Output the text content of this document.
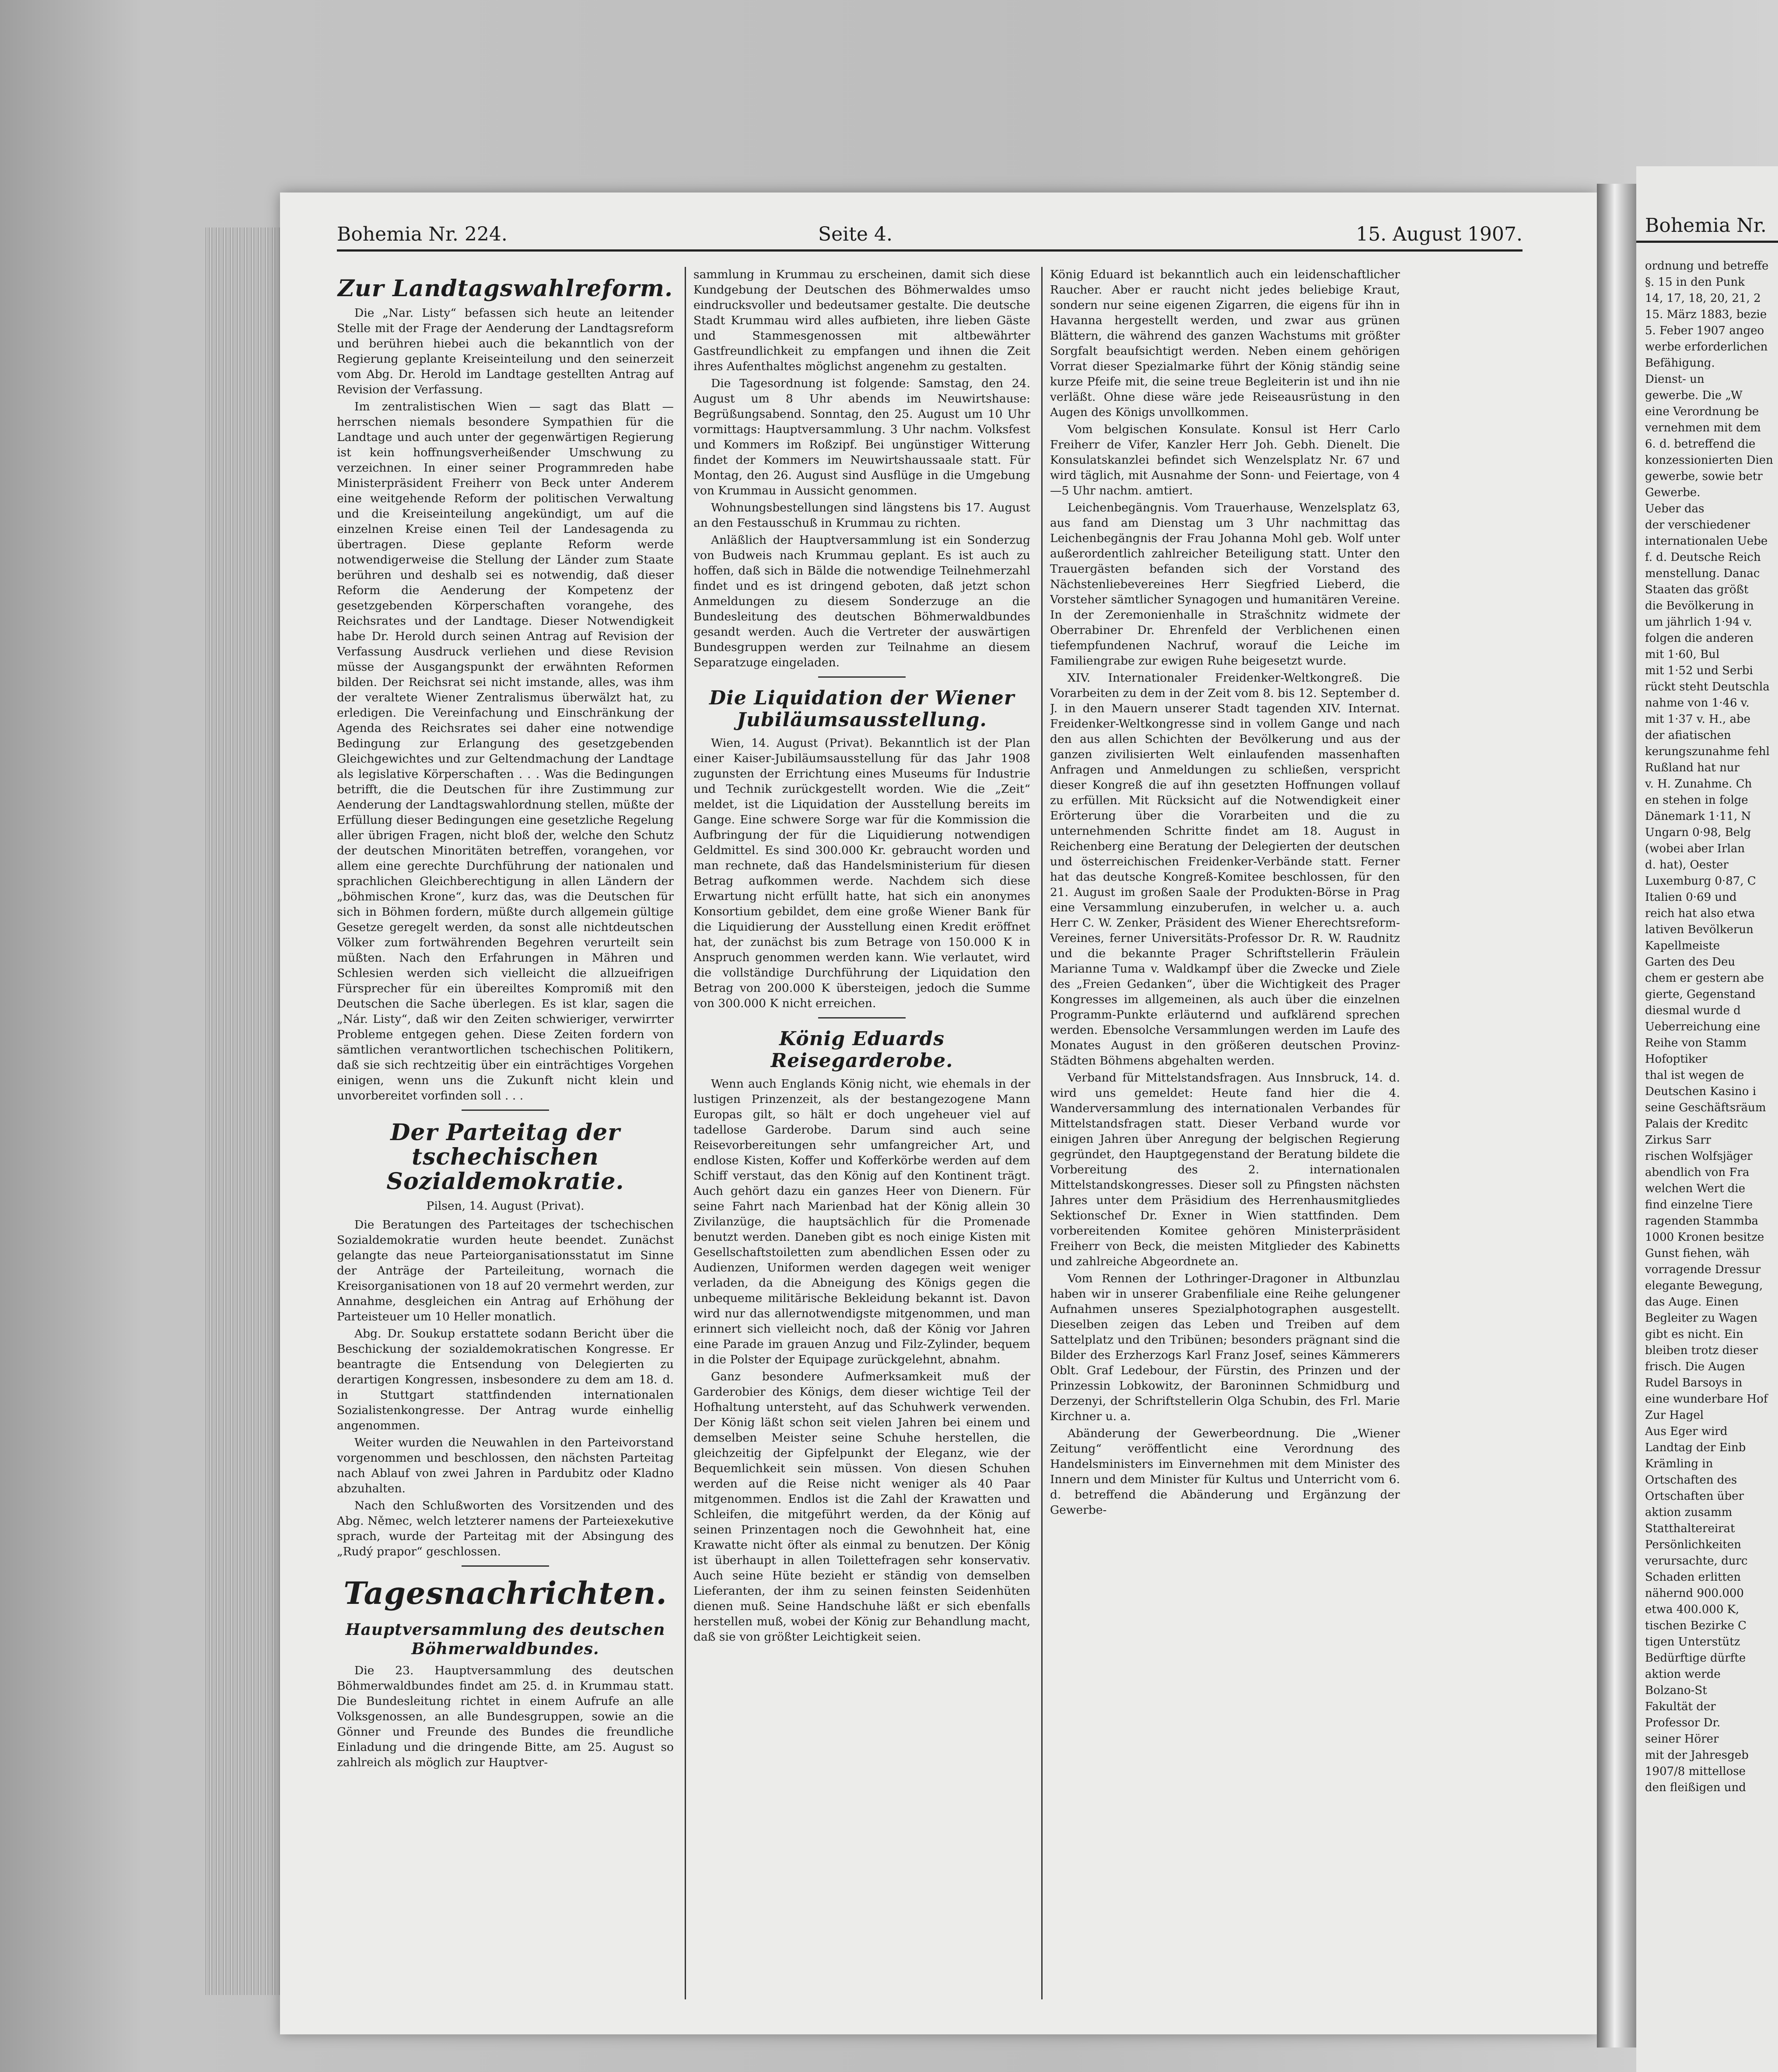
Bohemia Nr. 224.	Seite 4.	15. August 1907.
Zur Landtagswahlreform.

Die „Nar. Listy“ befassen sich heute an leitender Stelle mit der Frage der Aenderung der Landtagsreform und berühren hiebei auch die bekanntlich von der Regierung geplante Kreiseinteilung und den seinerzeit vom Abg. Dr. Herold im Landtage gestellten Antrag auf Revision der Verfassung.

Im zentralistischen Wien — sagt das Blatt — herrschen niemals besondere Sympathien für die Landtage und auch unter der gegenwärtigen Regierung ist kein hoffnungsverheißender Umschwung zu verzeichnen. In einer seiner Programmreden habe Ministerpräsident Freiherr von Beck unter Anderem eine weitgehende Reform der politischen Verwaltung und die Kreiseinteilung angekündigt, um auf die einzelnen Kreise einen Teil der Landesagenda zu übertragen. Diese geplante Reform werde notwendigerweise die Stellung der Länder zum Staate berühren und deshalb sei es notwendig, daß dieser Reform die Aenderung der Kompetenz der gesetzgebenden Körperschaften vorangehe, des Reichsrates und der Landtage. Dieser Notwendigkeit habe Dr. Herold durch seinen Antrag auf Revision der Verfassung Ausdruck verliehen und diese Revision müsse der Ausgangspunkt der erwähnten Reformen bilden. Der Reichsrat sei nicht imstande, alles, was ihm der veraltete Wiener Zentralismus überwälzt hat, zu erledigen. Die Vereinfachung und Einschränkung der Agenda des Reichsrates sei daher eine notwendige Bedingung zur Erlangung des gesetzgebenden Gleichgewichtes und zur Geltendmachung der Landtage als legislative Körperschaften . . . Was die Bedingungen betrifft, die die Deutschen für ihre Zustimmung zur Aenderung der Landtagswahlordnung stellen, müßte der Erfüllung dieser Bedingungen eine gesetzliche Regelung aller übrigen Fragen, nicht bloß der, welche den Schutz der deutschen Minoritäten betreffen, vorangehen, vor allem eine gerechte Durchführung der nationalen und sprachlichen Gleichberechtigung in allen Ländern der „böhmischen Krone“, kurz das, was die Deutschen für sich in Böhmen fordern, müßte durch allgemein gültige Gesetze geregelt werden, da sonst alle nichtdeutschen Völker zum fortwährenden Begehren verurteilt sein müßten. Nach den Erfahrungen in Mähren und Schlesien werden sich vielleicht die allzueifrigen Fürsprecher für ein übereiltes Kompromiß mit den Deutschen die Sache überlegen. Es ist klar, sagen die „Nár. Listy“, daß wir den Zeiten schwieriger, verwirrter Probleme entgegen gehen. Diese Zeiten fordern von sämtlichen verantwortlichen tschechischen Politikern, daß sie sich rechtzeitig über ein einträchtiges Vorgehen einigen, wenn uns die Zukunft nicht klein und unvorbereitet vorfinden soll . . .

Der Parteitag der tschechischen Sozialdemokratie.
Pilsen, 14. August (Privat).

Die Beratungen des Parteitages der tschechischen Sozialdemokratie wurden heute beendet. Zunächst gelangte das neue Parteiorganisationsstatut im Sinne der Anträge der Parteileitung, wornach die Kreisorganisationen von 18 auf 20 vermehrt werden, zur Annahme, desgleichen ein Antrag auf Erhöhung der Parteisteuer um 10 Heller monatlich.

Abg. Dr. Soukup erstattete sodann Bericht über die Beschickung der sozialdemokratischen Kongresse. Er beantragte die Entsendung von Delegierten zu derartigen Kongressen, insbesondere zu dem am 18. d. in Stuttgart stattfindenden internationalen Sozialistenkongresse. Der Antrag wurde einhellig angenommen.

Weiter wurden die Neuwahlen in den Parteivorstand vorgenommen und beschlossen, den nächsten Parteitag nach Ablauf von zwei Jahren in Pardubitz oder Kladno abzuhalten.

Nach den Schlußworten des Vorsitzenden und des Abg. Němec, welch letzterer namens der Parteiexekutive sprach, wurde der Parteitag mit der Absingung des „Rudý prapor“ geschlossen.

Tagesnachrichten.
Hauptversammlung des deutschen Böhmerwaldbundes.

Die 23. Hauptversammlung des deutschen Böhmerwaldbundes findet am 25. d. in Krummau statt. Die Bundesleitung richtet in einem Aufrufe an alle Volksgenossen, an alle Bundesgruppen, sowie an die Gönner und Freunde des Bundes die freundliche Einladung und die dringende Bitte, am 25. August so zahlreich als möglich zur Hauptver-

sammlung in Krummau zu erscheinen, damit sich diese Kundgebung der Deutschen des Böhmerwaldes umso eindrucksvoller und bedeutsamer gestalte. Die deutsche Stadt Krummau wird alles aufbieten, ihre lieben Gäste und Stammesgenossen mit altbewährter Gastfreundlichkeit zu empfangen und ihnen die Zeit ihres Aufenthaltes möglichst angenehm zu gestalten.

Die Tagesordnung ist folgende: Samstag, den 24. August um 8 Uhr abends im Neuwirtshause: Begrüßungsabend. Sonntag, den 25. August um 10 Uhr vormittags: Hauptversammlung. 3 Uhr nachm. Volksfest und Kommers im Roßzipf. Bei ungünstiger Witterung findet der Kommers im Neuwirtshaussaale statt. Für Montag, den 26. August sind Ausflüge in die Umgebung von Krummau in Aussicht genommen.

Wohnungsbestellungen sind längstens bis 17. August an den Festausschuß in Krummau zu richten.

Anläßlich der Hauptversammlung ist ein Sonderzug von Budweis nach Krummau geplant. Es ist auch zu hoffen, daß sich in Bälde die notwendige Teilnehmerzahl findet und es ist dringend geboten, daß jetzt schon Anmeldungen zu diesem Sonderzuge an die Bundesleitung des deutschen Böhmerwaldbundes gesandt werden. Auch die Vertreter der auswärtigen Bundesgruppen werden zur Teilnahme an diesem Separatzuge eingeladen.

Die Liquidation der Wiener Jubiläumsausstellung.

Wien, 14. August (Privat). Bekanntlich ist der Plan einer Kaiser-Jubiläumsausstellung für das Jahr 1908 zugunsten der Errichtung eines Museums für Industrie und Technik zurückgestellt worden. Wie die „Zeit“ meldet, ist die Liquidation der Ausstellung bereits im Gange. Eine schwere Sorge war für die Kommission die Aufbringung der für die Liquidierung notwendigen Geldmittel. Es sind 300.000 Kr. gebraucht worden und man rechnete, daß das Handelsministerium für diesen Betrag aufkommen werde. Nachdem sich diese Erwartung nicht erfüllt hatte, hat sich ein anonymes Konsortium gebildet, dem eine große Wiener Bank für die Liquidierung der Ausstellung einen Kredit eröffnet hat, der zunächst bis zum Betrage von 150.000 K in Anspruch genommen werden kann. Wie verlautet, wird die vollständige Durchführung der Liquidation den Betrag von 200.000 K übersteigen, jedoch die Summe von 300.000 K nicht erreichen.

König Eduards Reisegarderobe.

Wenn auch Englands König nicht, wie ehemals in der lustigen Prinzenzeit, als der bestangezogene Mann Europas gilt, so hält er doch ungeheuer viel auf tadellose Garderobe. Darum sind auch seine Reisevorbereitungen sehr umfangreicher Art, und endlose Kisten, Koffer und Kofferkörbe werden auf dem Schiff verstaut, das den König auf den Kontinent trägt. Auch gehört dazu ein ganzes Heer von Dienern. Für seine Fahrt nach Marienbad hat der König allein 30 Zivilanzüge, die hauptsächlich für die Promenade benutzt werden. Daneben gibt es noch einige Kisten mit Gesellschaftstoiletten zum abendlichen Essen oder zu Audienzen, Uniformen werden dagegen weit weniger verladen, da die Abneigung des Königs gegen die unbequeme militärische Bekleidung bekannt ist. Davon wird nur das allernotwendigste mitgenommen, und man erinnert sich vielleicht noch, daß der König vor Jahren eine Parade im grauen Anzug und Filz-Zylinder, bequem in die Polster der Equipage zurückgelehnt, abnahm.

Ganz besondere Aufmerksamkeit muß der Garderobier des Königs, dem dieser wichtige Teil der Hofhaltung untersteht, auf das Schuhwerk verwenden. Der König läßt schon seit vielen Jahren bei einem und demselben Meister seine Schuhe herstellen, die gleichzeitig der Gipfelpunkt der Eleganz, wie der Bequemlichkeit sein müssen. Von diesen Schuhen werden auf die Reise nicht weniger als 40 Paar mitgenommen. Endlos ist die Zahl der Krawatten und Schleifen, die mitgeführt werden, da der König auf seinen Prinzentagen noch die Gewohnheit hat, eine Krawatte nicht öfter als einmal zu benutzen. Der König ist überhaupt in allen Toilettefragen sehr konservativ. Auch seine Hüte bezieht er ständig von demselben Lieferanten, der ihm zu seinen feinsten Seidenhüten dienen muß. Seine Handschuhe läßt er sich ebenfalls herstellen muß, wobei der König zur Behandlung macht, daß sie von größter Leichtigkeit seien.

König Eduard ist bekanntlich auch ein leidenschaftlicher Raucher. Aber er raucht nicht jedes beliebige Kraut, sondern nur seine eigenen Zigarren, die eigens für ihn in Havanna hergestellt werden, und zwar aus grünen Blättern, die während des ganzen Wachstums mit größter Sorgfalt beaufsichtigt werden. Neben einem gehörigen Vorrat dieser Spezialmarke führt der König ständig seine kurze Pfeife mit, die seine treue Begleiterin ist und ihn nie verläßt. Ohne diese wäre jede Reiseausrüstung in den Augen des Königs unvollkommen.

Vom belgischen Konsulate. Konsul ist Herr Carlo Freiherr de Vifer, Kanzler Herr Joh. Gebh. Dienelt. Die Konsulatskanzlei befindet sich Wenzelsplatz Nr. 67 und wird täglich, mit Ausnahme der Sonn- und Feiertage, von 4—5 Uhr nachm. amtiert.

Leichenbegängnis. Vom Trauerhause, Wenzelsplatz 63, aus fand am Dienstag um 3 Uhr nachmittag das Leichenbegängnis der Frau Johanna Mohl geb. Wolf unter außerordentlich zahlreicher Beteiligung statt. Unter den Trauergästen befanden sich der Vorstand des Nächstenliebevereines Herr Siegfried Lieberd, die Vorsteher sämtlicher Synagogen und humanitären Vereine. In der Zeremonienhalle in Strašchnitz widmete der Oberrabiner Dr. Ehrenfeld der Verblichenen einen tiefempfundenen Nachruf, worauf die Leiche im Familiengrabe zur ewigen Ruhe beigesetzt wurde.

XIV. Internationaler Freidenker-Weltkongreß. Die Vorarbeiten zu dem in der Zeit vom 8. bis 12. September d. J. in den Mauern unserer Stadt tagenden XIV. Internat. Freidenker-Weltkongresse sind in vollem Gange und nach den aus allen Schichten der Bevölkerung und aus der ganzen zivilisierten Welt einlaufenden massenhaften Anfragen und Anmeldungen zu schließen, verspricht dieser Kongreß die auf ihn gesetzten Hoffnungen vollauf zu erfüllen. Mit Rücksicht auf die Notwendigkeit einer Erörterung über die Vorarbeiten und die zu unternehmenden Schritte findet am 18. August in Reichenberg eine Beratung der Delegierten der deutschen und österreichischen Freidenker-Verbände statt. Ferner hat das deutsche Kongreß-Komitee beschlossen, für den 21. August im großen Saale der Produkten-Börse in Prag eine Versammlung einzuberufen, in welcher u. a. auch Herr C. W. Zenker, Präsident des Wiener Eherechtsreform-Vereines, ferner Universitäts-Professor Dr. R. W. Raudnitz und die bekannte Prager Schriftstellerin Fräulein Marianne Tuma v. Waldkampf über die Zwecke und Ziele des „Freien Gedanken“, über die Wichtigkeit des Prager Kongresses im allgemeinen, als auch über die einzelnen Programm-Punkte erläuternd und aufklärend sprechen werden. Ebensolche Versammlungen werden im Laufe des Monates August in den größeren deutschen Provinz-Städten Böhmens abgehalten werden.

Verband für Mittelstandsfragen. Aus Innsbruck, 14. d. wird uns gemeldet: Heute fand hier die 4. Wanderversammlung des internationalen Verbandes für Mittelstandsfragen statt. Dieser Verband wurde vor einigen Jahren über Anregung der belgischen Regierung gegründet, den Hauptgegenstand der Beratung bildete die Vorbereitung des 2. internationalen Mittelstandskongresses. Dieser soll zu Pfingsten nächsten Jahres unter dem Präsidium des Herrenhausmitgliedes Sektionschef Dr. Exner in Wien stattfinden. Dem vorbereitenden Komitee gehören Ministerpräsident Freiherr von Beck, die meisten Mitglieder des Kabinetts und zahlreiche Abgeordnete an.

Vom Rennen der Lothringer-Dragoner in Altbunzlau haben wir in unserer Grabenfiliale eine Reihe gelungener Aufnahmen unseres Spezialphotographen ausgestellt. Dieselben zeigen das Leben und Treiben auf dem Sattelplatz und den Tribünen; besonders prägnant sind die Bilder des Erzherzogs Karl Franz Josef, seines Kämmerers Oblt. Graf Ledebour, der Fürstin, des Prinzen und der Prinzessin Lobkowitz, der Baroninnen Schmidburg und Derzenyi, der Schriftstellerin Olga Schubin, des Frl. Marie Kirchner u. a.

Abänderung der Gewerbeordnung. Die „Wiener Zeitung“ veröffentlicht eine Verordnung des Handelsministers im Einvernehmen mit dem Minister des Innern und dem Minister für Kultus und Unterricht vom 6. d. betreffend die Abänderung und Ergänzung der Gewerbe-

Bohemia Nr.
ordnung und betreffe
§. 15 in den Punk
14, 17, 18, 20, 21, 2
15. März 1883, bezie
5. Feber 1907 angeo
werbe erforderlichen
Befähigung.
Dienst- un
gewerbe. Die „W
eine Verordnung be
vernehmen mit dem
6. d. betreffend die
konzessionierten Dien
gewerbe, sowie betr
Gewerbe.
Ueber das
der verschiedener
internationalen Uebe
f. d. Deutsche Reich
menstellung. Danac
Staaten das größt
die Bevölkerung in
um jährlich 1·94 v.
folgen die anderen
mit 1·60, Bul
mit 1·52 und Serbi
rückt steht Deutschla
nahme von 1·46 v.
mit 1·37 v. H., abe
der afiatischen
kerungszunahme fehl
Rußland hat nur
v. H. Zunahme. Ch
en stehen in folge
Dänemark 1·11, N
Ungarn 0·98, Belg
(wobei aber Irlan
d. hat), Oester
Luxemburg 0·87, C
Italien 0·69 und
reich hat also etwa
lativen Bevölkerun
Kapellmeiste
Garten des Deu
chem er gestern abe
gierte, Gegenstand
diesmal wurde d
Ueberreichung eine
Reihe von Stamm
Hofoptiker
thal ist wegen de
Deutschen Kasino i
seine Geschäftsräum
Palais der Kreditc
Zirkus Sarr
rischen Wolfsjäger
abendlich von Fra
welchen Wert die
find einzelne Tiere
ragenden Stammba
1000 Kronen besitze
Gunst fiehen, wäh
vorragende Dressur
elegante Bewegung,
das Auge. Einen
Begleiter zu Wagen
gibt es nicht. Ein
bleiben trotz dieser
frisch. Die Augen
Rudel Barsoys in
eine wunderbare Hof
Zur Hagel
Aus Eger wird
Landtag der Einb
Krämling in
Ortschaften des
Ortschaften über
aktion zusamm
Statthaltereirat
Persönlichkeiten
verursachte, durc
Schaden erlitten
nähernd 900.000
etwa 400.000 K,
tischen Bezirke C
tigen Unterstütz
Bedürftige dürfte
aktion werde
Bolzano-St
Fakultät der
Professor Dr.
seiner Hörer
mit der Jahresgeb
1907/8 mittellose
den fleißigen und
